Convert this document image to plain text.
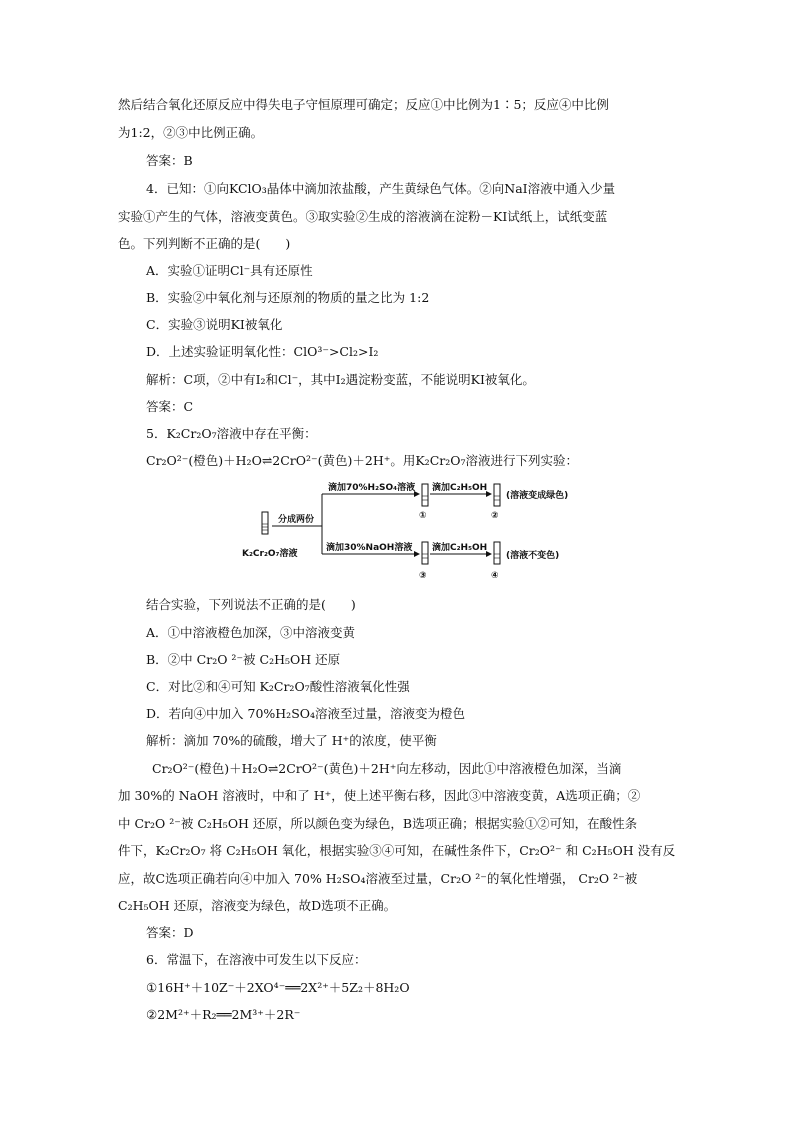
然后结合氧化还原反应中得失电子守恒原理可确定；反应①中比例为1∶5；反应④中比例
为1:2，②③中比例正确。
答案：B
4．已知：①向KClO₃晶体中滴加浓盐酸，产生黄绿色气体。②向NaI溶液中通入少量
实验①产生的气体，溶液变黄色。③取实验②生成的溶液滴在淀粉－KI试纸上，试纸变蓝
色。下列判断不正确的是(　　)
A．实验①证明Cl⁻具有还原性
B．实验②中氧化剂与还原剂的物质的量之比为 1:2
C．实验③说明KI被氧化
D．上述实验证明氧化性：ClO³⁻>Cl₂>I₂
解析：C项，②中有I₂和Cl⁻，其中I₂遇淀粉变蓝，不能说明KI被氧化。
答案：C
5．K₂Cr₂O₇溶液中存在平衡：
Cr₂O²⁻(橙色)＋H₂O⇌2CrO²⁻(黄色)＋2H⁺。用K₂Cr₂O₇溶液进行下列实验：
K₂Cr₂O₇溶液
分成两份
滴加70%H₂SO₄溶液
①
滴加C₂H₅OH
②
(溶液变成绿色)
滴加30%NaOH溶液
③
滴加C₂H₅OH
④
(溶液不变色)
结合实验，下列说法不正确的是(　　)
A．①中溶液橙色加深，③中溶液变黄
B．②中 Cr₂O ²⁻被 C₂H₅OH 还原
C．对比②和④可知 K₂Cr₂O₇酸性溶液氧化性强
D．若向④中加入 70%H₂SO₄溶液至过量，溶液变为橙色
解析：滴加 70%的硫酸，增大了 H⁺的浓度，使平衡
Cr₂O²⁻(橙色)＋H₂O⇌2CrO²⁻(黄色)＋2H⁺向左移动，因此①中溶液橙色加深，当滴
加 30%的 NaOH 溶液时，中和了 H⁺，使上述平衡右移，因此③中溶液变黄，A选项正确；②
中 Cr₂O ²⁻被 C₂H₅OH 还原，所以颜色变为绿色，B选项正确；根据实验①②可知，在酸性条
件下，K₂Cr₂O₇ 将 C₂H₅OH 氧化，根据实验③④可知，在碱性条件下，Cr₂O²⁻ 和 C₂H₅OH 没有反
应，故C选项正确若向④中加入 70% H₂SO₄溶液至过量，Cr₂O ²⁻的氧化性增强， Cr₂O ²⁻被
C₂H₅OH 还原，溶液变为绿色，故D选项不正确。
答案：D
6．常温下，在溶液中可发生以下反应：
①16H⁺＋10Z⁻＋2XO⁴⁻══2X²⁺＋5Z₂＋8H₂O
②2M²⁺＋R₂══2M³⁺＋2R⁻
